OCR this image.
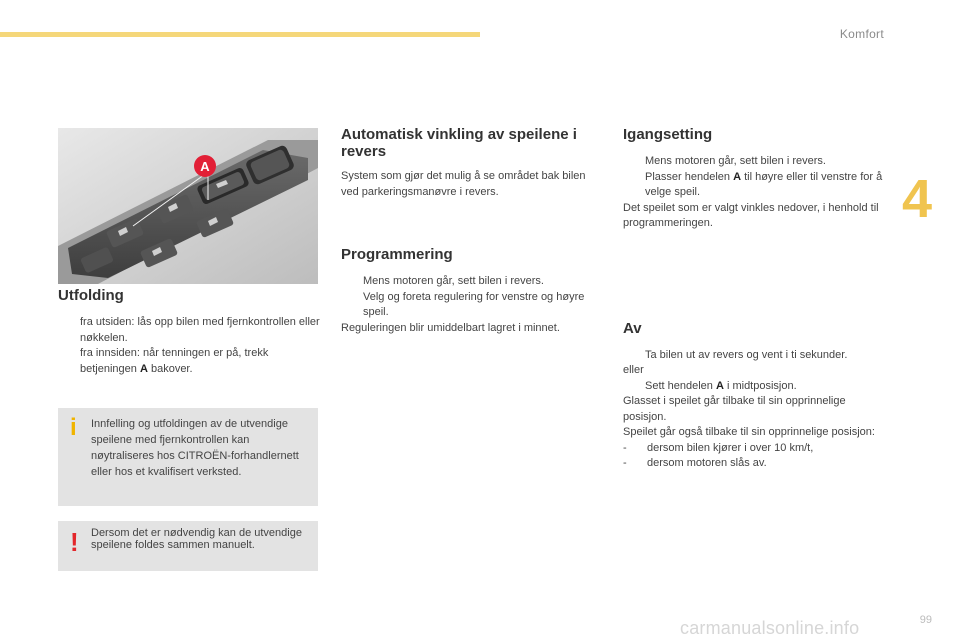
Komfort
4
A
Utfolding
fra utsiden: lås opp bilen med fjernkontrollen eller nøkkelen.
fra innsiden: når tenningen er på, trekk betjeningen A bakover.
i Innfelling og utfoldingen av de utvendige speilene med fjernkontrollen kan nøytraliseres hos CITROËN-forhandlernett eller hos et kvalifisert verksted.
! Dersom det er nødvendig kan de utvendige speilene foldes sammen manuelt.
Automatisk vinkling av speilene i revers

System som gjør det mulig å se området bak bilen ved parkeringsmanøvre i revers.

Programmering
Mens motoren går, sett bilen i revers.
Velg og foreta regulering for venstre og høyre speil.

Reguleringen blir umiddelbart lagret i minnet.

Igangsetting
Mens motoren går, sett bilen i revers.
Plasser hendelen A til høyre eller til venstre for å velge speil.

Det speilet som er valgt vinkles nedover, i henhold til programmeringen.

Av
Ta bilen ut av revers og vent i ti sekunder.

eller

Sett hendelen A i midtposisjon.

Glasset i speilet går tilbake til sin opprinnelige posisjon.

Speilet går også tilbake til sin opprinnelige posisjon:

- dersom bilen kjører i over 10 km/t,
- dersom motoren slås av.
99
carmanualsonline.info
